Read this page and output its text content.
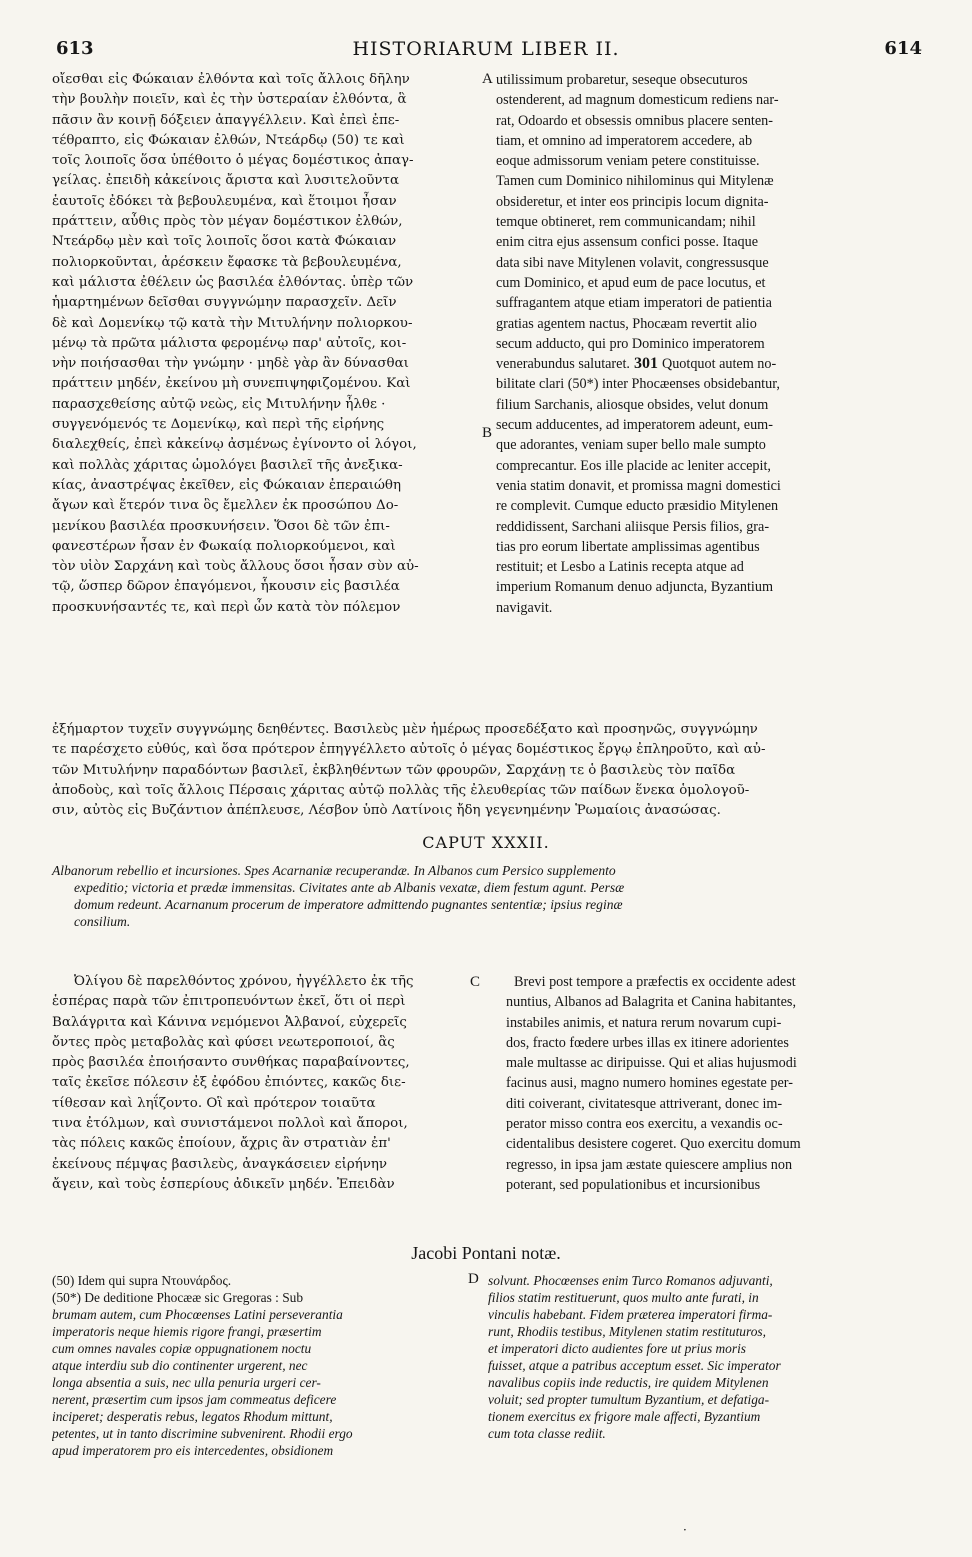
613	HISTORIARUM LIBER II.	614
οἴεσθαι εἰς Φώκαιαν ἐλθόντα καὶ τοῖς ἄλλοις δῆλην
τὴν βουλὴν ποιεῖν, καὶ ἐς τὴν ὑστεραίαν ἐλθόντα, ἃ
πᾶσιν ἂν κοινῇ δόξειεν ἀπαγγέλλειν. Καὶ ἐπεὶ ἐπε-
τέθραπτο, εἰς Φώκαιαν ἐλθών, Ντεάρδῳ (50) τε καὶ
τοῖς λοιποῖς ὅσα ὑπέθοιτο ὁ μέγας δομέστικος ἀπαγ-
γείλας. ἐπειδὴ κἀκείνοις ἄριστα καὶ λυσιτελοῦντα
ἑαυτοῖς ἐδόκει τὰ βεβουλευμένα, καὶ ἕτοιμοι ἦσαν
πράττειν, αὖθις πρὸς τὸν μέγαν δομέστικον ἐλθών,
Ντεάρδῳ μὲν καὶ τοῖς λοιποῖς ὅσοι κατὰ Φώκαιαν
πολιορκοῦνται, ἀρέσκειν ἔφασκε τὰ βεβουλευμένα,
καὶ μάλιστα ἐθέλειν ὡς βασιλέα ἐλθόντας. ὑπὲρ τῶν
ἡμαρτημένων δεῖσθαι συγγνώμην παρασχεῖν. Δεῖν
δὲ καὶ Δομενίκῳ τῷ κατὰ τὴν Μιτυλήνην πολιορκου-
μένῳ τὰ πρῶτα μάλιστα φερομένῳ παρ' αὐτοῖς, κοι-
νὴν ποιήσασθαι τὴν γνώμην · μηδὲ γὰρ ἂν δύνασθαι
πράττειν μηδέν, ἐκείνου μὴ συνεπιψηφιζομένου. Καὶ
παρασχεθείσης αὐτῷ νεὼς, εἰς Μιτυλήνην ἦλθε ·
συγγενόμενός τε Δομενίκῳ, καὶ περὶ τῆς εἰρήνης
διαλεχθείς, ἐπεὶ κἀκείνῳ ἀσμένως ἐγίνοντο οἱ λόγοι,
καὶ πολλὰς χάριτας ὡμολόγει βασιλεῖ τῆς ἀνεξικα-
κίας, ἀναστρέψας ἐκεῖθεν, εἰς Φώκαιαν ἐπεραιώθη
ἄγων καὶ ἕτερόν τινα ὃς ἔμελλεν ἐκ προσώπου Δο-
μενίκου βασιλέα προσκυνήσειν. Ὅσοι δὲ τῶν ἐπι-
φανεστέρων ἦσαν ἐν Φωκαίᾳ πολιορκούμενοι, καὶ
τὸν υἱὸν Σαρχάνη καὶ τοὺς ἄλλους ὅσοι ἦσαν σὺν αὐ-
τῷ, ὥσπερ δῶρον ἐπαγόμενοι, ἧκουσιν εἰς βασιλέα
προσκυνήσαντές τε, καὶ περὶ ὧν κατὰ τὸν πόλεμον
A utilissimum probaretur, seseque obsecuturos
ostenderent, ad magnum domesticum rediens nar-
rat, Odoardo et obsessis omnibus placere senten-
tiam, et omnino ad imperatorem accedere, ab
eoque admissorum veniam petere constituisse.
Tamen cum Dominico nihilominus qui Mitylenæ
obsideretur, et inter eos principis locum dignita-
temque obtineret, rem communicandam; nihil
enim citra ejus assensum confici posse. Itaque
data sibi nave Mitylenen volavit, congressusque
cum Dominico, et apud eum de pace locutus, et
suffragantem atque etiam imperatori de patientia
gratias agentem nactus, Phocæam revertit alio
secum adducto, qui pro Dominico imperatorem
venerabundus salutaret. 301 Quotquot autem no-
bilitate clari (50*) inter Phocæenses obsidebantur,
filium Sarchanis, aliosque obsides, velut donum
secum adducentes, ad imperatorem adeunt, eum-
que adorantes, veniam super bello male sumpto
comprecantur. Eos ille placide ac leniter accepit,
venia statim donavit, et promissa magni domestici
re complevit. Cumque educto præsidio Mitylenen
reddidissent, Sarchani aliisque Persis filios, gra-
tias pro eorum libertate amplissimas agentibus
restituit; et Lesbo a Latinis recepta atque ad
imperium Romanum denuo adjuncta, Byzantium
navigavit.
B
ἐξήμαρτον τυχεῖν συγγνώμης δεηθέντες. Βασιλεὺς μὲν ἡμέρως προσεδέξατο καὶ προσηνῶς, συγγνώμην
τε παρέσχετο εὐθύς, καὶ ὅσα πρότερον ἐπηγγέλλετο αὐτοῖς ὁ μέγας δομέστικος ἔργῳ ἐπληροῦτο, καὶ αὐ-
τῶν Μιτυλήνην παραδόντων βασιλεῖ, ἐκβληθέντων τῶν φρουρῶν, Σαρχάνῃ τε ὁ βασιλεὺς τὸν παῖδα
ἀποδοὺς, καὶ τοῖς ἄλλοις Πέρσαις χάριτας αὐτῷ πολλὰς τῆς ἐλευθερίας τῶν παίδων ἕνεκα ὁμολογοῦ-
σιν, αὐτὸς εἰς Βυζάντιον ἀπέπλευσε, Λέσβον ὑπὸ Λατίνοις ἤδη γεγενημένην Ῥωμαίοις ἀνασώσας.
CAPUT XXXII.
Albanorum rebellio et incursiones. Spes Acarnaniæ recuperandæ. In Albanos cum Persico supplemento
expeditio; victoria et prædæ immensitas. Civitates ante ab Albanis vexatæ, diem festum agunt. Persæ
domum redeunt. Acarnanum procerum de imperatore admittendo pugnantes sententiæ; ipsius reginæ
consilium.
C
Ὀλίγου δὲ παρελθόντος χρόνου, ἠγγέλλετο ἐκ τῆς
ἑσπέρας παρὰ τῶν ἐπιτροπευόντων ἐκεῖ, ὅτι οἱ περὶ
Βαλάγριτα καὶ Κάνινα νεμόμενοι Ἀλβανοί, εὐχερεῖς
ὄντες πρὸς μεταβολὰς καὶ φύσει νεωτεροποιοί, ἃς
πρὸς βασιλέα ἐποιήσαντο συνθήκας παραβαίνοντες,
ταῖς ἐκεῖσε πόλεσιν ἐξ ἐφόδου ἐπιόντες, κακῶς διε-
τίθεσαν καὶ ληΐζοντο. Οἳ καὶ πρότερον τοιαῦτα
τινα ἐτόλμων, καὶ συνιστάμενοι πολλοὶ καὶ ἄποροι,
τὰς πόλεις κακῶς ἐποίουν, ἄχρις ἂν στρατιὰν ἐπ'
ἐκείνους πέμψας βασιλεὺς, ἀναγκάσειεν εἰρήνην
ἄγειν, καὶ τοὺς ἑσπερίους ἀδικεῖν μηδέν. Ἐπειδὰν
Brevi post tempore a præfectis ex occidente adest
nuntius, Albanos ad Balagrita et Canina habitantes,
instabiles animis, et natura rerum novarum cupi-
dos, fracto fœdere urbes illas ex itinere adorientes
male multasse ac diripuisse. Qui et alias hujusmodi
facinus ausi, magno numero homines egestate per-
diti coiverant, civitatesque attriverant, donec im-
perator misso contra eos exercitu, a vexandis oc-
cidentalibus desistere cogeret. Quo exercitu domum
regresso, in ipsa jam æstate quiescere amplius non
poterant, sed populationibus et incursionibus
Jacobi Pontani notæ.
D
(50) Idem qui supra Ντουνάρδος.
(50*) De deditione Phocææ sic Gregoras : Sub
brumam autem, cum Phocœenses Latini perseverantia
imperatoris neque hiemis rigore frangi, præsertim
cum omnes navales copiæ oppugnationem noctu
atque interdiu sub dio continenter urgerent, nec
longa absentia a suis, nec ulla penuria urgeri cer-
nerent, præsertim cum ipsos jam commeatus deficere
inciperet; desperatis rebus, legatos Rhodum mittunt,
petentes, ut in tanto discrimine subvenirent. Rhodii ergo
apud imperatorem pro eis intercedentes, obsidionem
solvunt. Phocœenses enim Turco Romanos adjuvanti,
filios statim restituerunt, quos multo ante furati, in
vinculis habebant. Fidem præterea imperatori firma-
runt, Rhodiis testibus, Mitylenen statim restituturos,
et imperatori dicto audientes fore ut prius moris
fuisset, atque a patribus acceptum esset. Sic imperator
navalibus copiis inde reductis, ire quidem Mitylenen
voluit; sed propter tumultum Byzantium, et defatiga-
tionem exercitus ex frigore male affecti, Byzantium
cum tota classe rediit.
·
